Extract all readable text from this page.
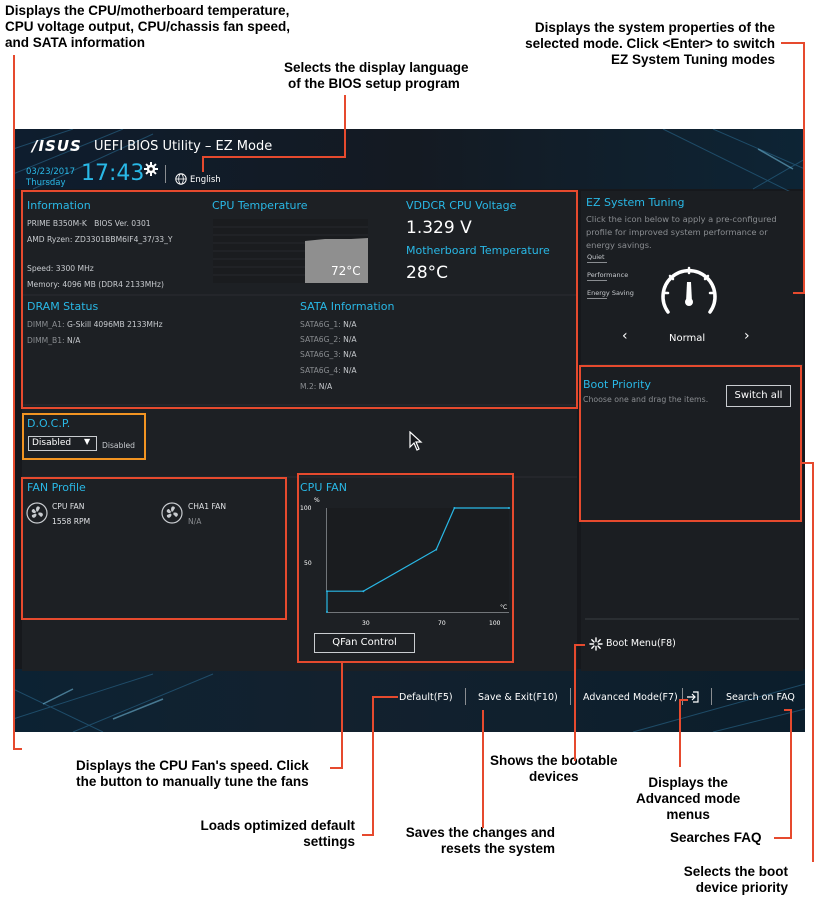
Displays the CPU/motherboard temperature,
CPU voltage output, CPU/chassis fan speed,
and SATA information
Selects the display language
of the BIOS setup program
Displays the system properties of the
selected mode. Click <Enter> to switch
EZ System Tuning modes
Displays the CPU Fan's speed. Click
the button to manually tune the fans
Loads optimized default
settings
Saves the changes and
resets the system
Shows the bootable
devices	Displays the
Advanced mode
menus
Searches FAQ
Selects the boot
device priority
/ISUS UEFI BIOS Utility – EZ Mode
03/23/2017
Thursday 17:43	English
Information
PRIME B350M-K BIOS Ver. 0301
AMD Ryzen: ZD3301BBM6IF4_37/33_Y
Speed: 3300 MHz
Memory: 4096 MB (DDR4 2133MHz)
CPU Temperature
72°C
VDDCR CPU Voltage
1.329 V
Motherboard Temperature
28°C
DRAM Status
DIMM_A1: G-Skill 4096MB 2133MHz
DIMM_B1: N/A
SATA Information
SATA6G_1: N/A
SATA6G_2: N/A
SATA6G_3: N/A
SATA6G_4: N/A
M.2: N/A
D.O.C.P.
Disabled ▼ Disabled
FAN Profile
CPU FAN
1558 RPM
CHA1 FAN
N/A
CPU FAN
%
°C
100
50
30	70	100
QFan Control
EZ System Tuning
Click the icon below to apply a pre-configured
profile for improved system performance or
energy savings.
Quiet
Performance
Energy Saving
‹	Normal	›
Boot Priority
Choose one and drag the items.	Switch all
Boot Menu(F8)
Default(F5)	Save & Exit(F10)	Advanced Mode(F7)	Search on FAQ
